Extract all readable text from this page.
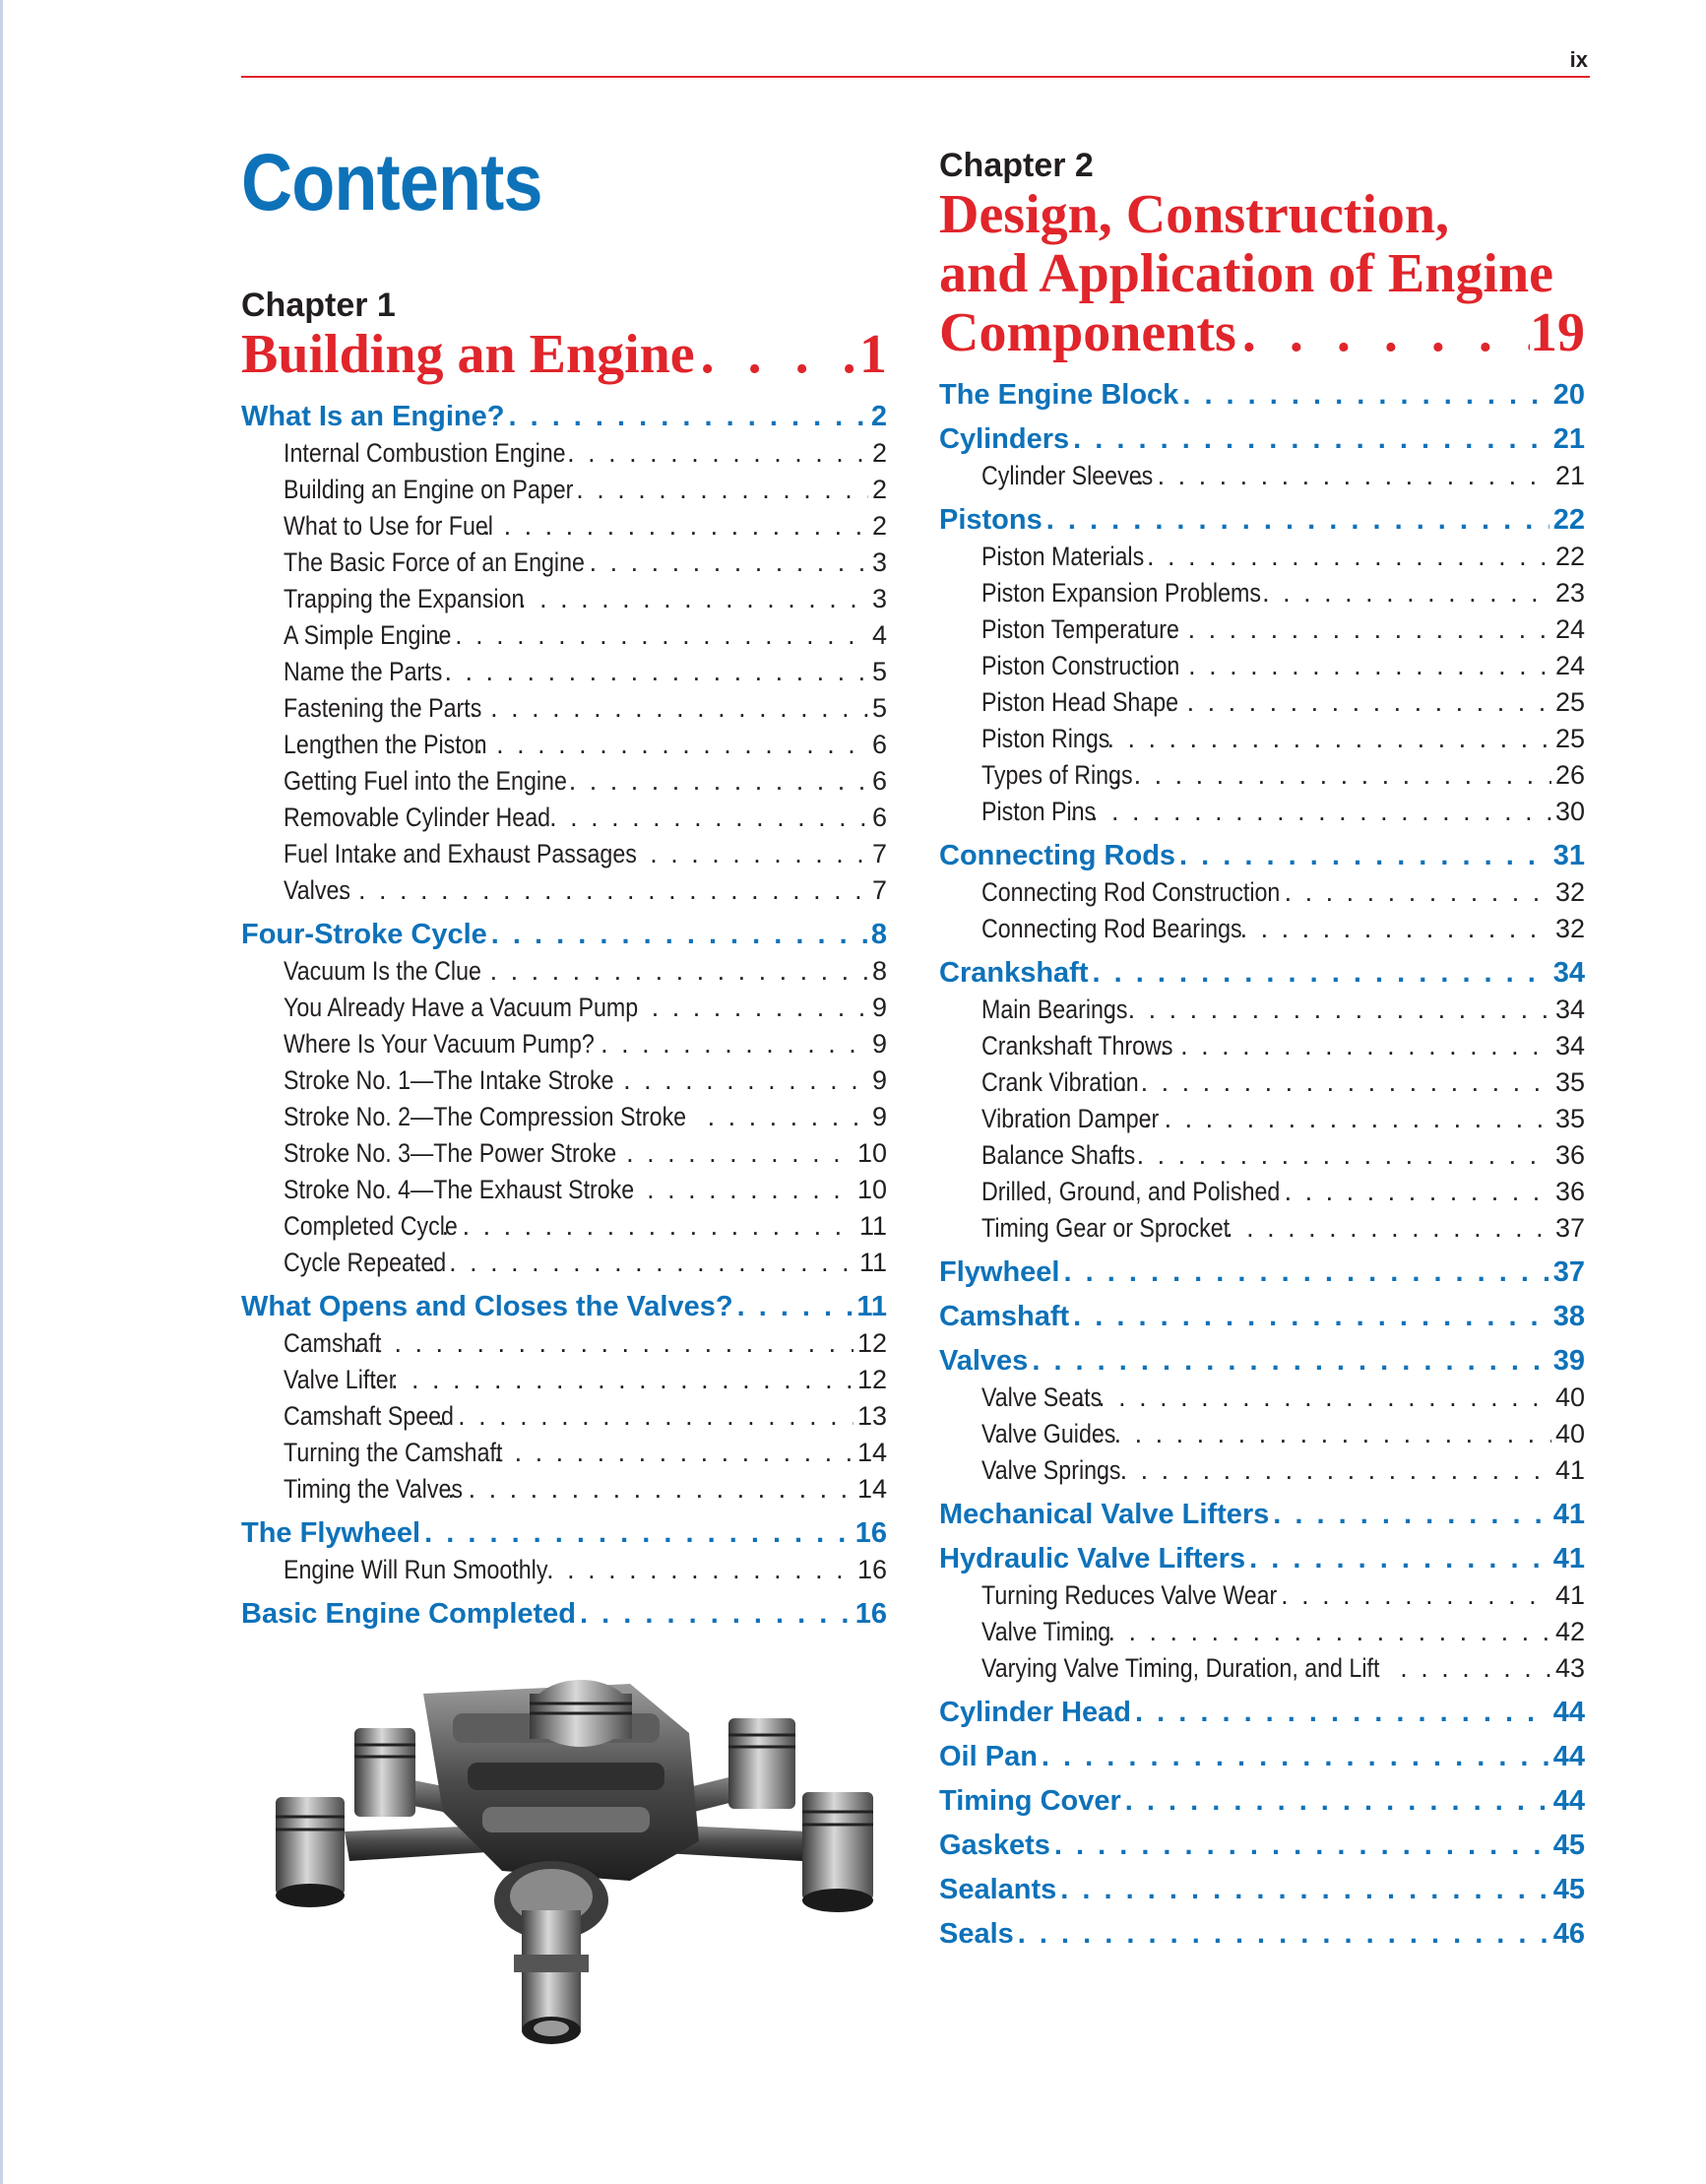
ix
Contents
Chapter 1
Building an Engine . . .	1
What Is an Engine? . . .	2
Internal Combustion Engine . . .	2
Building an Engine on Paper . . .	2
What to Use for Fuel . . .	2
The Basic Force of an Engine . . .	3
Trapping the Expansion . . .	3
A Simple Engine . . .	4
Name the Parts . . .	5
Fastening the Parts . . .	5
Lengthen the Piston . . .	6
Getting Fuel into the Engine . . .	6
Removable Cylinder Head . . .	6
Fuel Intake and Exhaust Passages . . .	7
Valves . . .	7
Four-Stroke Cycle . . .	8
Vacuum Is the Clue . . .	8
You Already Have a Vacuum Pump . . .	9
Where Is Your Vacuum Pump? . . .	9
Stroke No. 1—The Intake Stroke . . .	9
Stroke No. 2—The Compression Stroke . . .	9
Stroke No. 3—The Power Stroke . . .	10
Stroke No. 4—The Exhaust Stroke . . .	10
Completed Cycle . . .	11
Cycle Repeated . . .	11
What Opens and Closes the Valves? . . .	11
Camshaft . . .	12
Valve Lifter . . .	12
Camshaft Speed . . .	13
Turning the Camshaft . . .	14
Timing the Valves . . .	14
The Flywheel . . .	16
Engine Will Run Smoothly . . .	16
Basic Engine Completed . . .	16
Chapter 2
Design, Construction,
and Application of Engine
Components . . .	19
The Engine Block . . .	20
Cylinders . . .	21
Cylinder Sleeves . . .	21
Pistons . . .	22
Piston Materials . . .	22
Piston Expansion Problems . . .	23
Piston Temperature . . .	24
Piston Construction . . .	24
Piston Head Shape . . .	25
Piston Rings . . .	25
Types of Rings . . .	26
Piston Pins . . .	30
Connecting Rods . . .	31
Connecting Rod Construction . . .	32
Connecting Rod Bearings . . .	32
Crankshaft . . .	34
Main Bearings . . .	34
Crankshaft Throws . . .	34
Crank Vibration . . .	35
Vibration Damper . . .	35
Balance Shafts . . .	36
Drilled, Ground, and Polished . . .	36
Timing Gear or Sprocket . . .	37
Flywheel . . .	37
Camshaft . . .	38
Valves . . .	39
Valve Seats . . .	40
Valve Guides . . .	40
Valve Springs . . .	41
Mechanical Valve Lifters . . .	41
Hydraulic Valve Lifters . . .	41
Turning Reduces Valve Wear . . .	41
Valve Timing . . .	42
Varying Valve Timing, Duration, and Lift . . .	43
Cylinder Head . . .	44
Oil Pan . . .	44
Timing Cover . . .	44
Gaskets . . .	45
Sealants . . .	45
Seals . . .	46
